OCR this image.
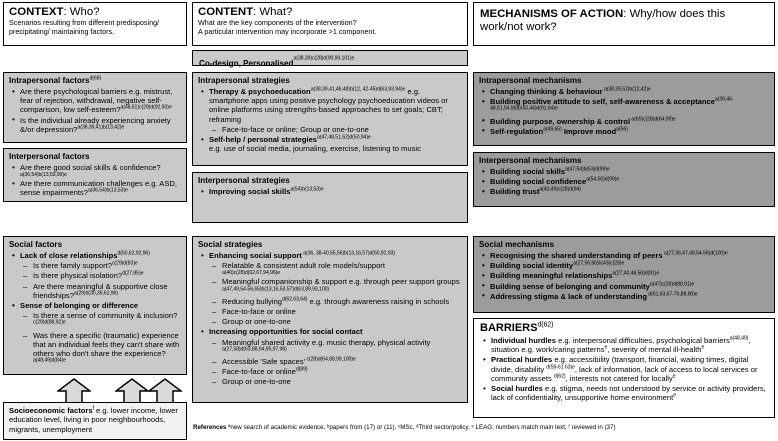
CONTEXT: Who?
Scenarios resulting from different predisposing/ precipitating/ maintaining factors.
CONTENT: What?
What are the key components of the intervention?
A particular intervention may incorporate >1 component.
MECHANISMS OF ACTION: Why/how does this work/not work?
Co-design, Personalised$^{a(38,39)c(28)d(90,99,101)e}$
Intrapersonal factors$^{d(68)}$
• Are there psychological barriers e.g. mistrust, fear of rejection, withdrawal, negative self-comparison, low self-esteem?$^{a(48,51)c(29)d(92,93)e}$
• Is the individual already experiencing anxiety &/or depression?$^{a(38,39,41)b(13,42)e}$
Interpersonal factors
• Are there good social skills & confidence?
a(36,54)b(13,53,99)e
• Are there communication challenges e.g. ASD, sense impairments?$^{a(36,54)b(13,53)e}$
Social factors
• Lack of close relationships$^{d(50,62,92,96)}$
– Is there family support?$^{c(29)d(83)e}$
– Is there physical isolation?$^{d(27,85)e}$
– Are there meaningful & supportive close friendships?$^{a(29)d(30,39,62,96)}$
• Sense of belonging or difference
– Is there a sense of community & inclusion?$^{c(29)d(88,92)e}$
– Was there a specific (traumatic) experience that an individual feels they can't share with others who don't share the experience?$^{a(48,49)d(84)e}$
Socioeconomic factors$^f$ e.g. lower income, lower education level, living in poor neighbourhoods, migrants, unemployment
Intrapersonal strategies
• Therapy & psychoeducation$^{a(38,39,41,46,48)b(12, 42-45)d(63,93,94)e}$ e.g. smartphone apps using positive psychology psychoeducation videos or online platforms using strengths-based approaches to set goals; CBT; reframing
– Face-to-face or online; Group or one-to-one
• Self-help / personal strategies$^{a(47,48,51,52)d(50,94)e}$
e.g. use of social media, journaling, exercise, listening to music
Interpersonal strategies
• Improving social skills$^{a(54)b(13,53)e}$
Social strategies
• Enhancing social support $^{a(36, 38-40,55,56)b(13,16,57)d(50,92,93)}$
– Relatable & consistent adult role models/support
a(40)c(28)d(62,67,94,96)e
– Meaningful companionship & support e.g. through peer support groups $^{a(47,49,54-56,65)b(13,16,53,57)d(63,89,93,100)}$
– Reducing bullying$^{d(62,63,64)}$ e.g. through awareness raising in schools
– Face-to-face or online
– Group or one-to-one
• Increasing opportunities for social contact
– Meaningful shared activity e.g. music therapy, physical activity $^{a(27,58)d(63,88,94,95,97,98)}$
– Accessible 'Safe spaces' $^{c(28)d(64,88,99,100)e}$
– Face-to-face or online$^{d(89)}$
– Group or one-to-one
Intrapersonal mechanisms
• Changing thinking & behaviour $^{a(38,39,52)b(12,42)e}$
• Building positive attitude to self, self-awareness & acceptance$^{a(39,46-48,51,54,56)b(43,44)d(91,94)e}$
• Building purpose, ownership & control $^{a(65)c(28)d(64,99)e}$
• Self-regulation$^{a(49,65)}$ Improve mood$^{a(56)}$
Interpersonal mechanisms
• Building social skills$^{a(47,54)b(53)d(99)e}$
• Building social confidence$^{a(54,56)d(99)e}$
• Building trust$^{a(40,49)c(28)d(94)}$
Social mechanisms
• Recognising the shared understanding of peers $^{a(27,36,47,49,54-56)d(100)e}$
• Building social identity$^{a(27,56,66)b(43)c(28)e}$
• Building meaningful relationships$^{a(27,40,48,56)d(91)e}$
• Building sense of belonging and community$^{a(47)c(28)d(88,91)e}$
• Addressing stigma & lack of understanding $^{d(61,63,67-70,88,90)e}$
$BARRIERS^{d(62)}$
• Individual hurdles e.g. interpersonal difficulties, psychological barriers$^{a(48,49)}$, situation e.g. work/caring patterns$^e$, severity of mental ill-health$^e$
• Practical hurdles e.g. accessibility (transport, financial, waiting times, digital divide, disability $^{d(59-61 63)e}$, lack of information, lack of access to local services or community assets $^{d(62)}$, interests not catered for locally$^e$
• Social hurdles e.g. stigma, needs not understood by service or activity providers, lack of confidentiality, unsupportive home environment$^e$
References ªnew search of academic evidence, ᵇpapers from (17) or (11), ᶜMSc, ᵈThird sector/policy, ᵉ LEAG; numbers match main text, ᶠ reviewed in (37)
